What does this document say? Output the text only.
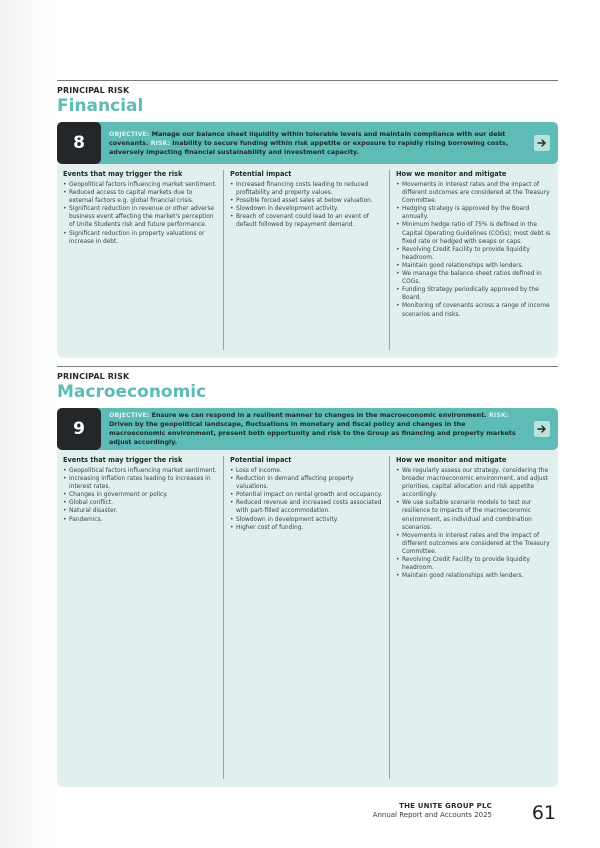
PRINCIPAL RISK
Financial
8	OBJECTIVE: Manage our balance sheet liquidity within tolerable levels and maintain compliance with our debt covenants. RISK: Inability to secure funding within risk appetite or exposure to rapidly rising borrowing costs, adversely impacting financial sustainability and investment capacity.
Events that may trigger the risk
• Geopolitical factors influencing market sentiment.
• Reduced access to capital markets due to external factors e.g. global financial crisis.
• Significant reduction in revenue or other adverse business event affecting the market's perception of Unite Students risk and future performance.
• Significant reduction in property valuations or increase in debt.
Potential impact
• Increased financing costs leading to reduced profitability and property values.
• Possible forced asset sales at below valuation.
• Slowdown in development activity.
• Breach of covenant could lead to an event of default followed by repayment demand.
How we monitor and mitigate
• Movements in interest rates and the impact of different outcomes are considered at the Treasury Committee.
• Hedging strategy is approved by the Board annually.
• Minimum hedge ratio of 75% is defined in the Capital Operating Guidelines (COGs); most debt is fixed rate or hedged with swaps or caps.
• Revolving Credit Facility to provide liquidity headroom.
• Maintain good relationships with lenders.
• We manage the balance sheet ratios defined in COGs.
• Funding Strategy periodically approved by the Board.
• Monitoring of covenants across a range of income scenarios and risks.
PRINCIPAL RISK
Macroeconomic
9
OBJECTIVE: Ensure we can respond in a resilient manner to changes in the macroeconomic environment. RISK: Driven by the geopolitical landscape, fluctuations in monetary and fiscal policy and changes in the macroeconomic environment, present both opportunity and risk to the Group as financing and property markets adjust accordingly.
Events that may trigger the risk
• Geopolitical factors influencing market sentiment.
• Increasing inflation rates leading to increases in interest rates.
• Changes in government or policy.
• Global conflict.
• Natural disaster.
• Pandemics.
Potential impact
• Loss of income.
• Reduction in demand affecting property valuations.
• Potential impact on rental growth and occupancy.
• Reduced revenue and increased costs associated with part-filled accommodation.
• Slowdown in development activity.
• Higher cost of funding.
How we monitor and mitigate
• We regularly assess our strategy, considering the broader macroeconomic environment, and adjust priorities, capital allocation and risk appetite accordingly.
• We use suitable scenario models to test our resilience to impacts of the macroeconomic environment, as individual and combination scenarios.
• Movements in interest rates and the impact of different outcomes are considered at the Treasury Committee.
• Revolving Credit Facility to provide liquidity headroom.
• Maintain good relationships with lenders.
THE UNITE GROUP PLC
Annual Report and Accounts 2025 61
